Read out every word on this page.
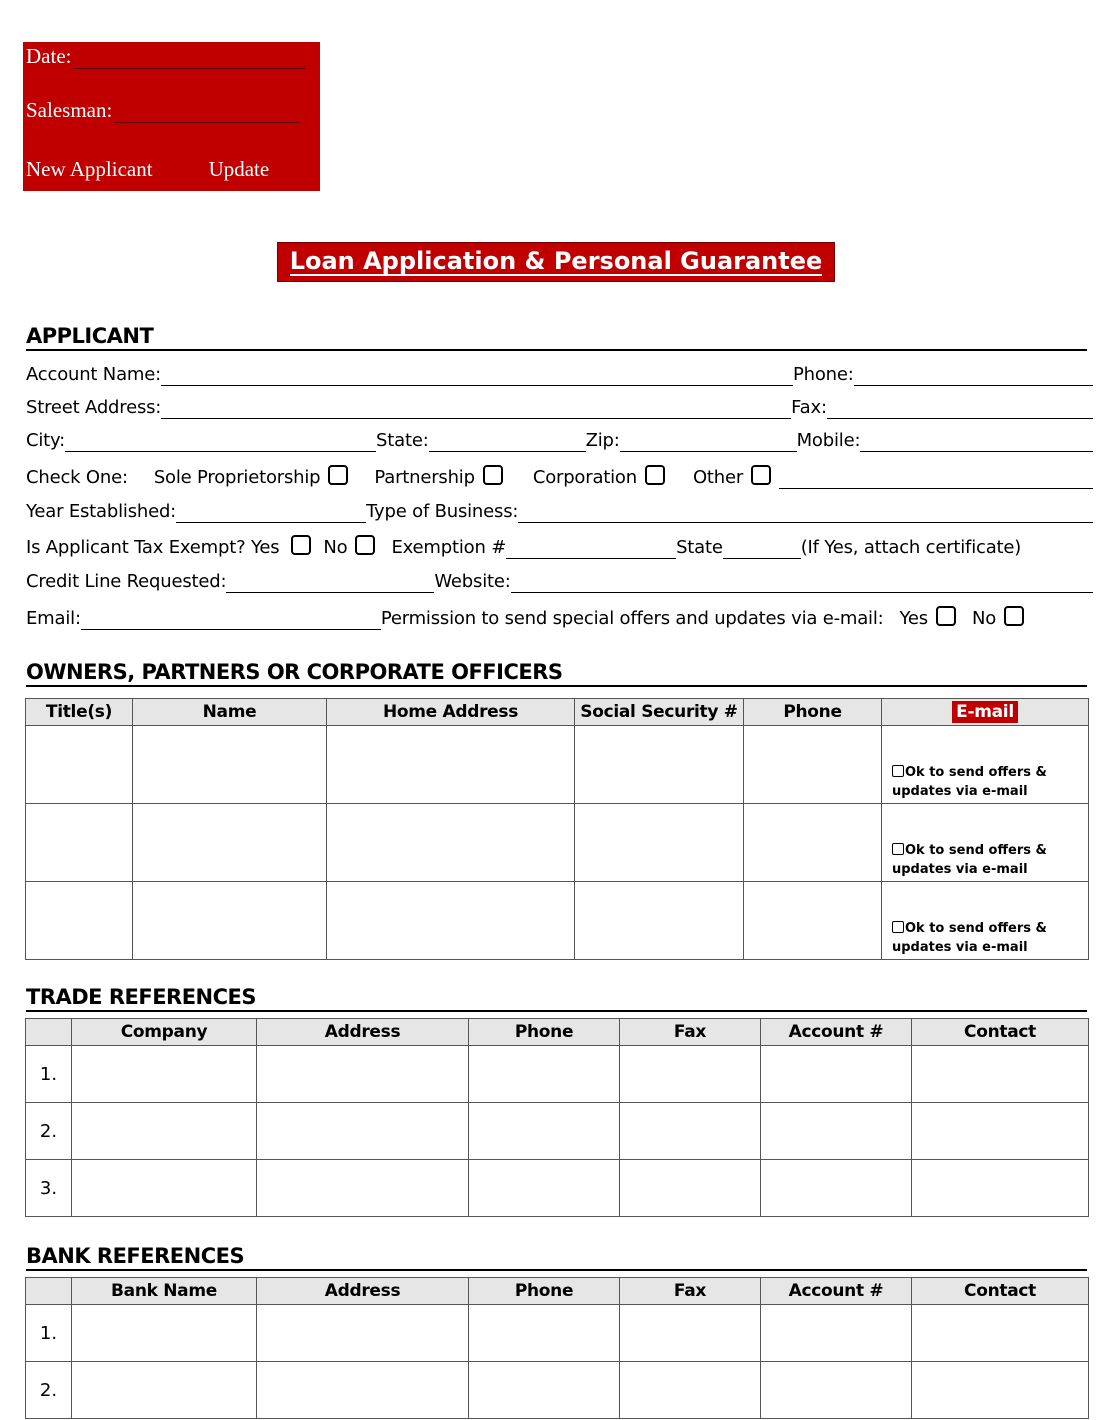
Date:
Salesman:
New Applicant	Update
Loan Application & Personal Guarantee
APPLICANT
Account Name:	Phone:
Street Address:	Fax:
City:	State:	Zip:	Mobile:
Check One: Sole Proprietorship	Partnership	Corporation	Other
Year Established:	Type of Business:
Is Applicant Tax Exempt? Yes No Exemption #	State	(If Yes, attach certificate)
Credit Line Requested:	Website:
Email:	Permission to send special offers and updates via e-mail: Yes No
OWNERS, PARTNERS OR CORPORATE OFFICERS
Title(s)	Name	Home Address	Social Security #	Phone	E-mail
					Ok to send offers &
updates via e-mail
					Ok to send offers &
updates via e-mail
					Ok to send offers &
updates via e-mail
TRADE REFERENCES
	Company	Address	Phone	Fax	Account #	Contact
1.						
2.						
3.						
BANK REFERENCES
	Bank Name	Address	Phone	Fax	Account #	Contact
1.						
2.						
